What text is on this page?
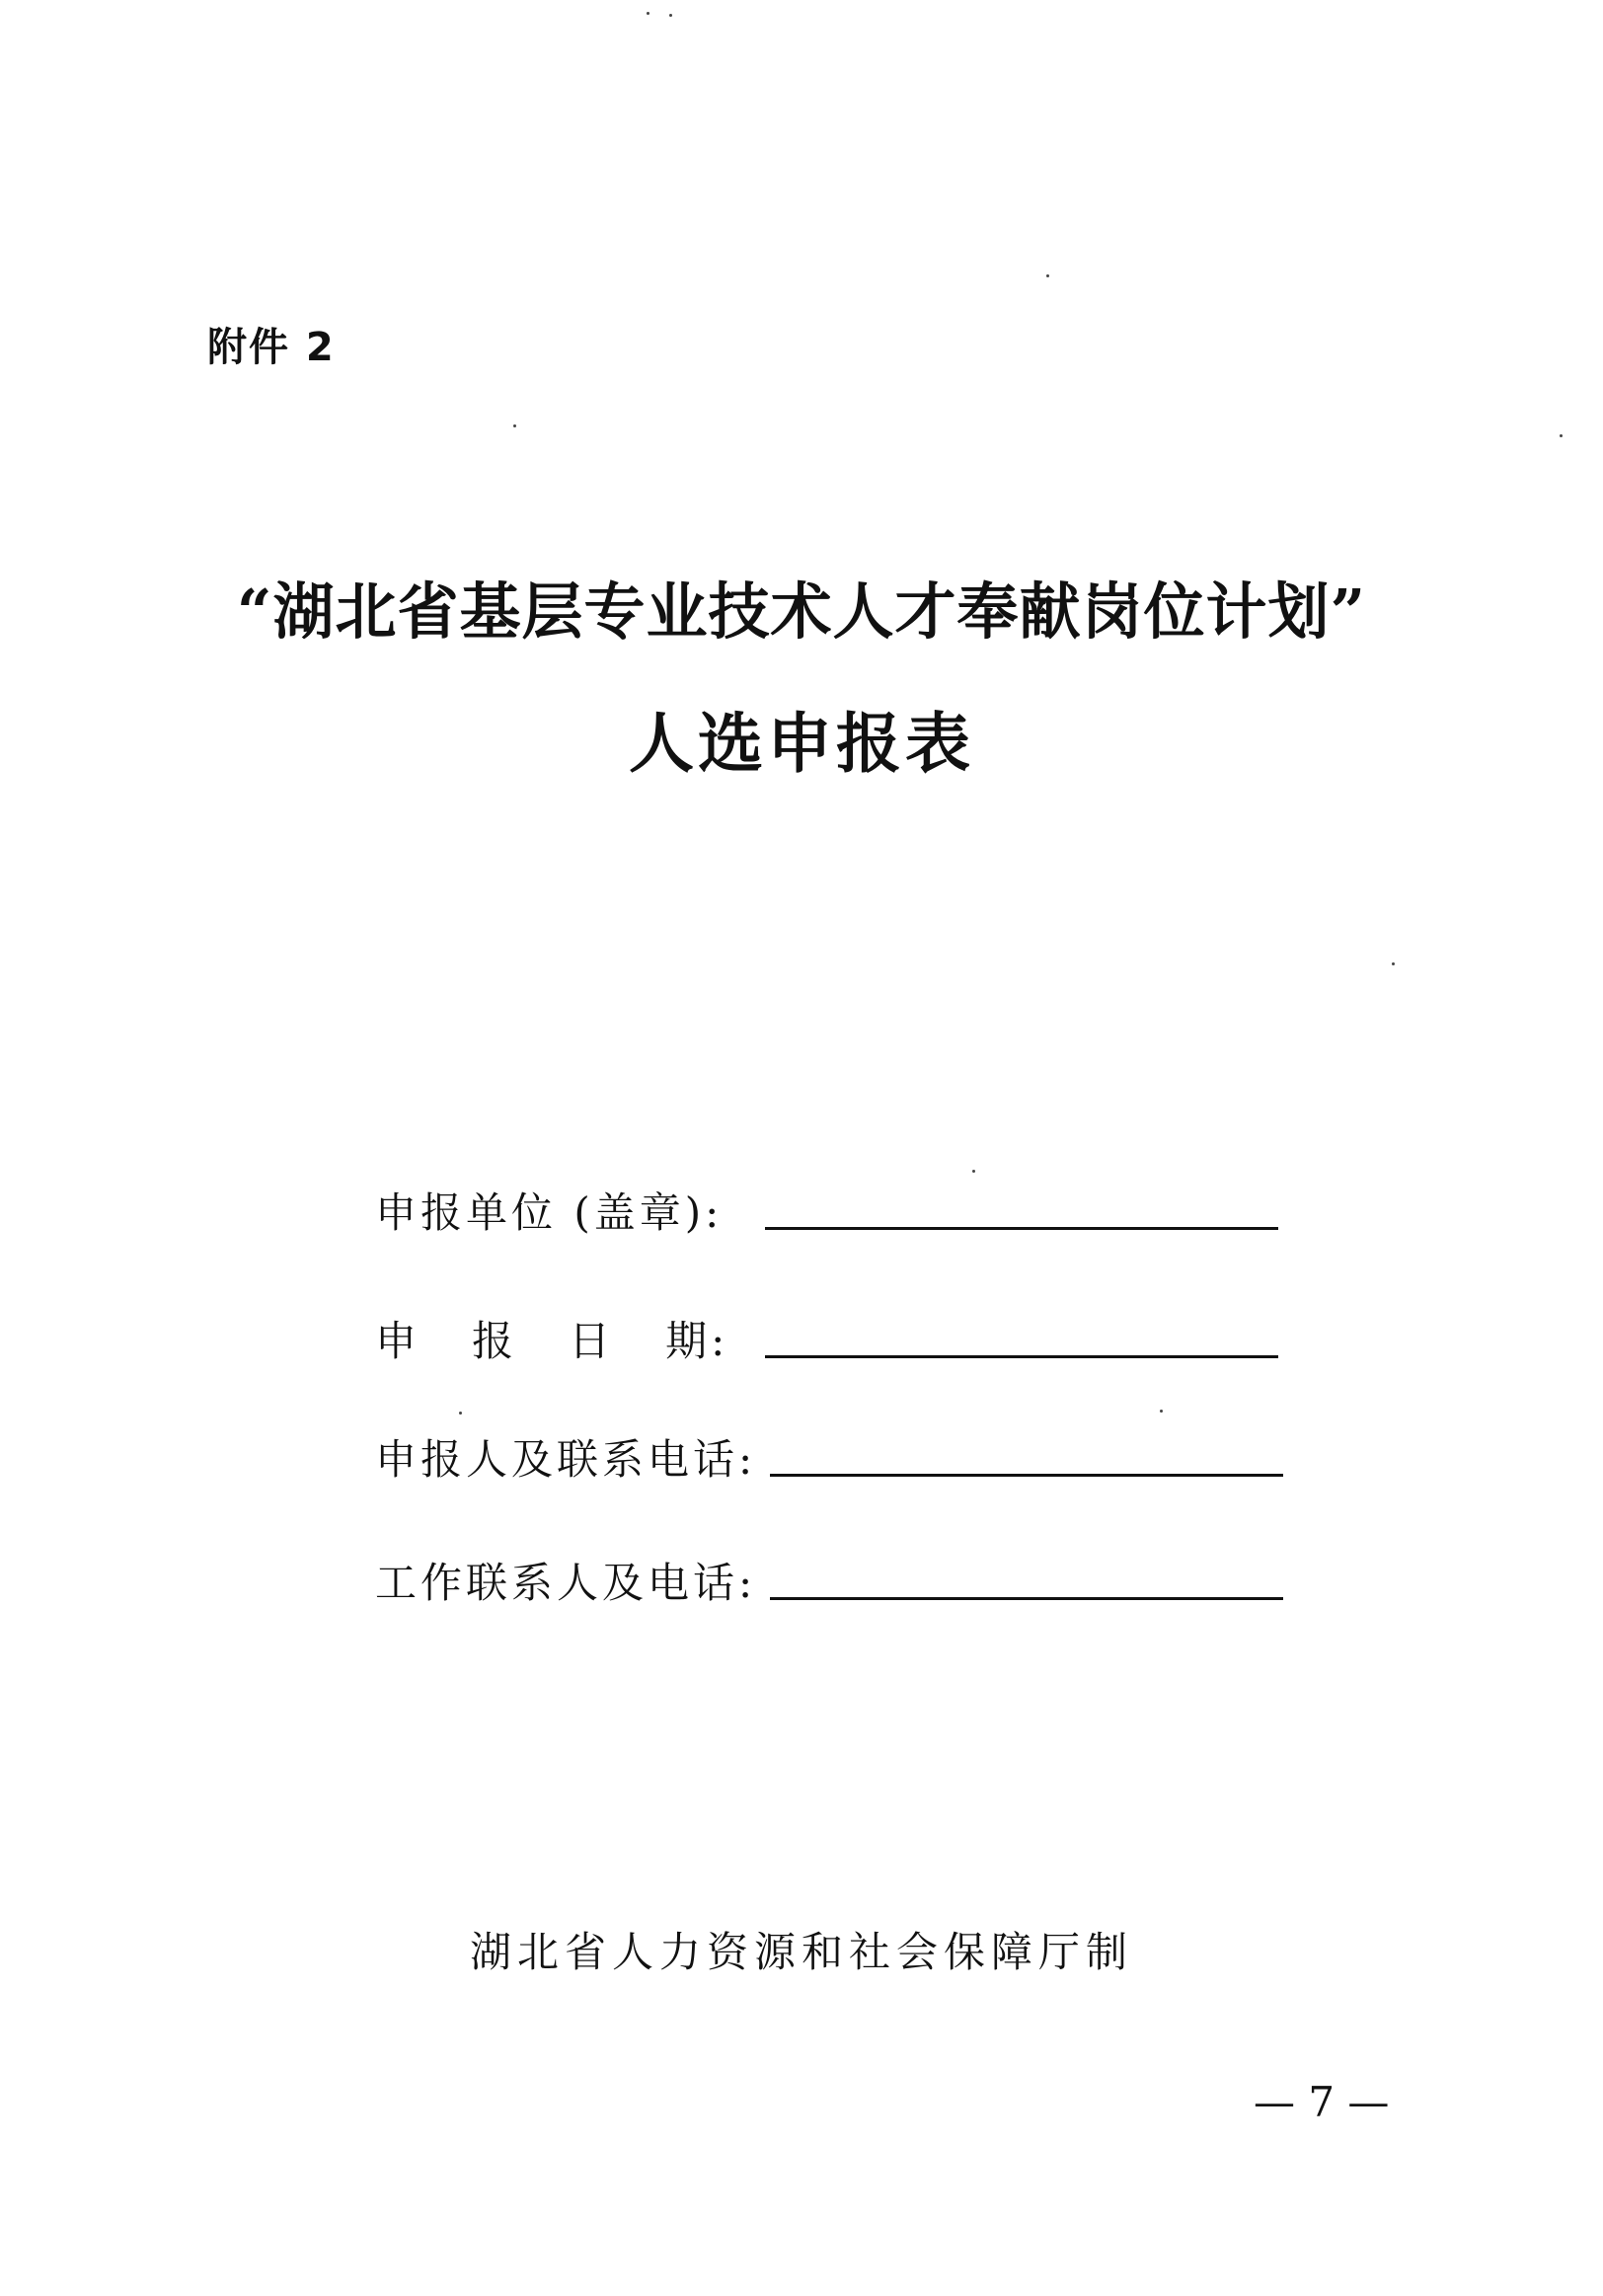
附件 2
“湖北省基层专业技术人才奉献岗位计划”
人选申报表
申报单位 (盖章):
申   报   日   期:
申报人及联系电话:
工作联系人及电话:
湖北省人力资源和社会保障厅制
— 7 —
